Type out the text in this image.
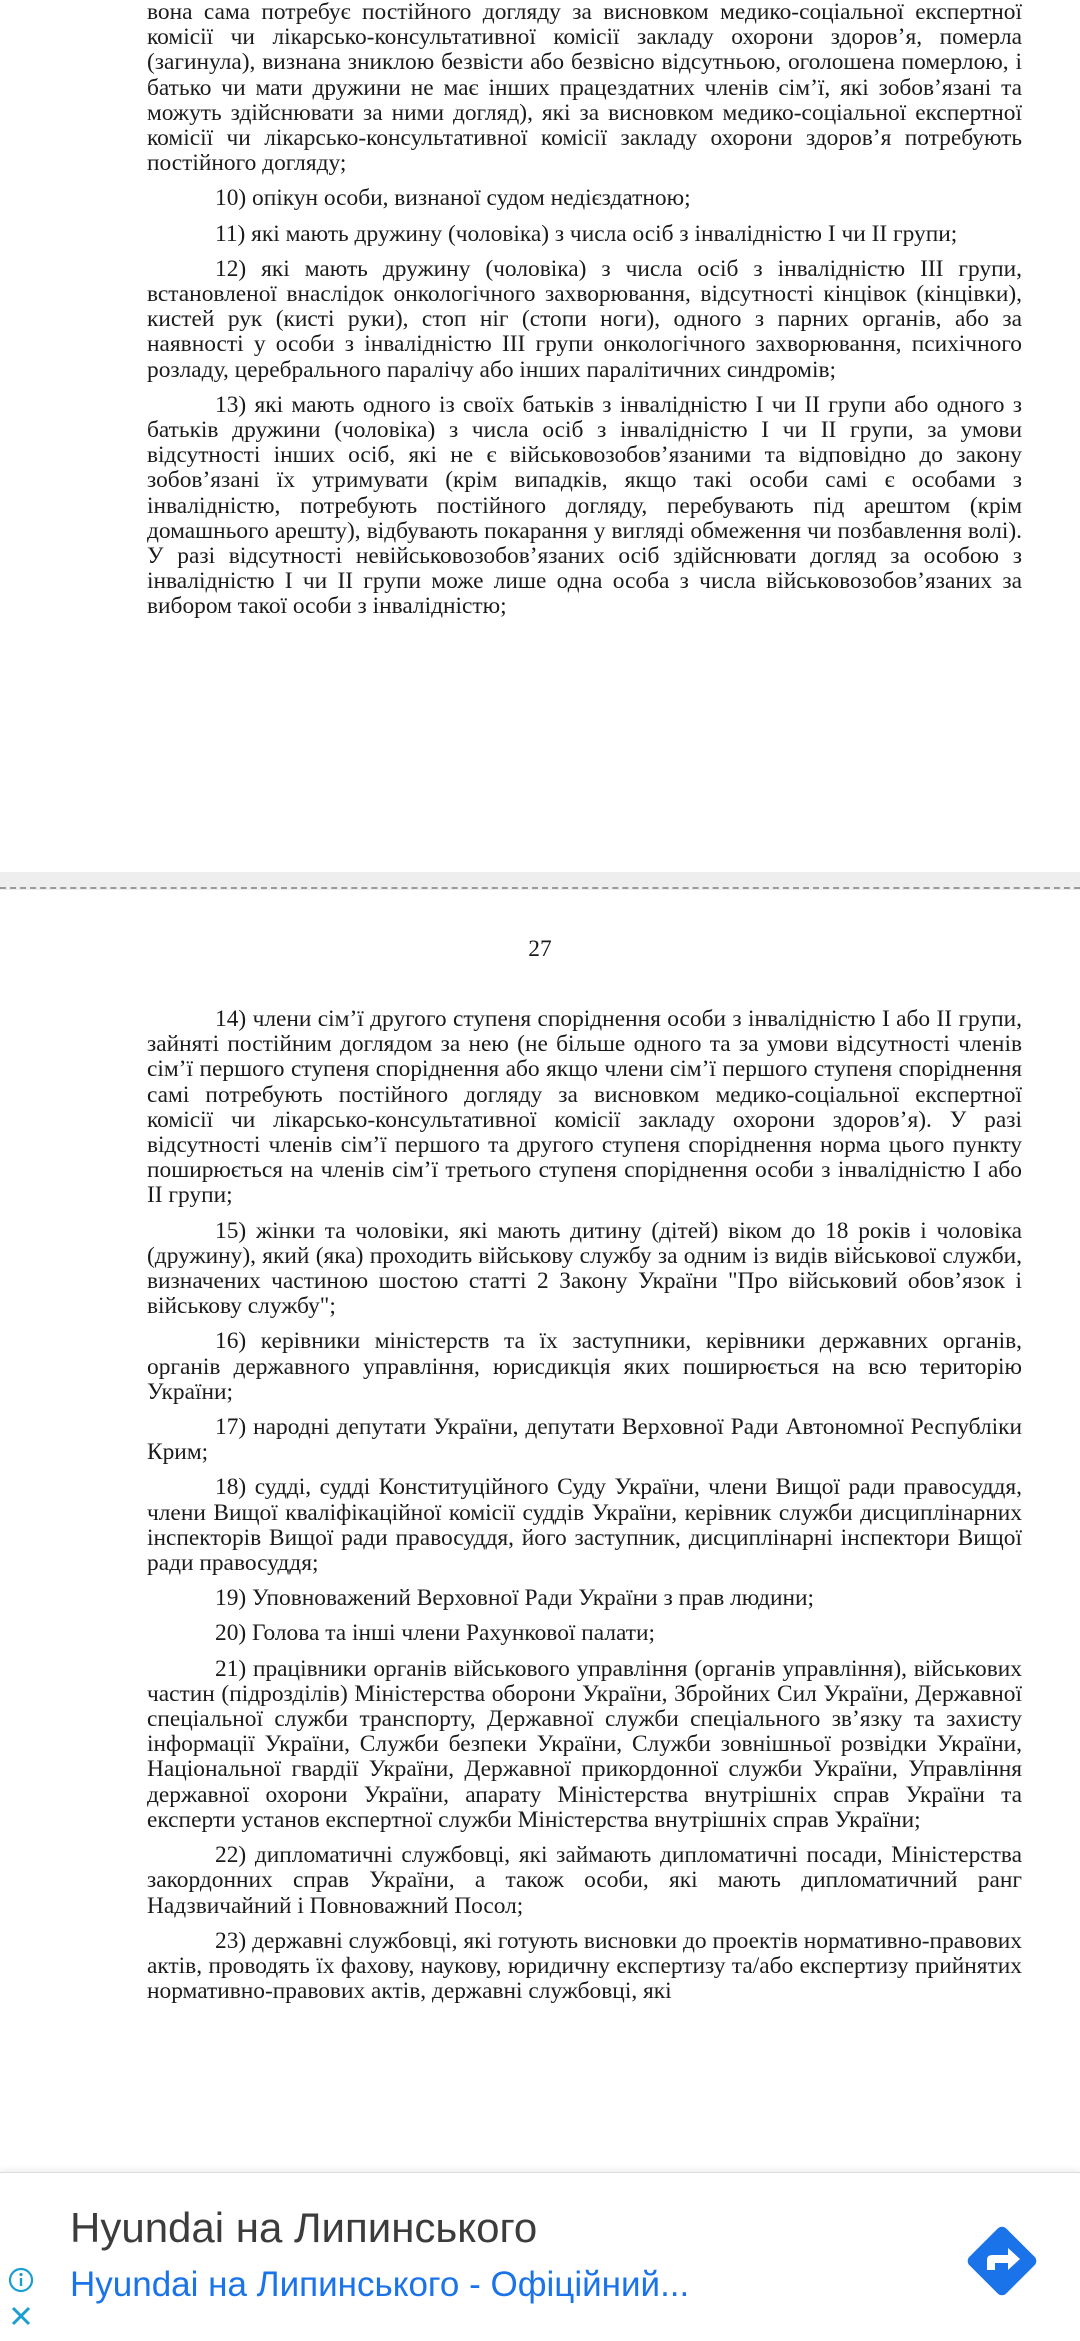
вона сама потребує постійного догляду за висновком медико-соціальної експертної комісії чи лікарсько-консультативної комісії закладу охорони здоров’я, померла (загинула), визнана зниклою безвісти або безвісно відсутньою, оголошена померлою, і батько чи мати дружини не має інших працездатних членів сім’ї, які зобов’язані та можуть здійснювати за ними догляд), які за висновком медико-соціальної експертної комісії чи лікарсько-консультативної комісії закладу охорони здоров’я потребують постійного догляду;

10) опікун особи, визнаної судом недієздатною;

11) які мають дружину (чоловіка) з числа осіб з інвалідністю I чи II групи;

12) які мають дружину (чоловіка) з числа осіб з інвалідністю III групи, встановленої внаслідок онкологічного захворювання, відсутності кінцівок (кінцівки), кистей рук (кисті руки), стоп ніг (стопи ноги), одного з парних органів, або за наявності у особи з інвалідністю III групи онкологічного захворювання, психічного розладу, церебрального паралічу або інших паралітичних синдромів;

13) які мають одного із своїх батьків з інвалідністю I чи II групи або одного з батьків дружини (чоловіка) з числа осіб з інвалідністю I чи II групи, за умови відсутності інших осіб, які не є військовозобов’язаними та відповідно до закону зобов’язані їх утримувати (крім випадків, якщо такі особи самі є особами з інвалідністю, потребують постійного догляду, перебувають під арештом (крім домашнього арешту), відбувають покарання у вигляді обмеження чи позбавлення волі). У разі відсутності невійськовозобов’язаних осіб здійснювати догляд за особою з інвалідністю I чи II групи може лише одна особа з числа військовозобов’язаних за вибором такої особи з інвалідністю;

27

14) члени сім’ї другого ступеня споріднення особи з інвалідністю I або II групи, зайняті постійним доглядом за нею (не більше одного та за умови відсутності членів сім’ї першого ступеня споріднення або якщо члени сім’ї першого ступеня споріднення самі потребують постійного догляду за висновком медико-соціальної експертної комісії чи лікарсько-консультативної комісії закладу охорони здоров’я). У разі відсутності членів сім’ї першого та другого ступеня споріднення норма цього пункту поширюється на членів сім’ї третього ступеня споріднення особи з інвалідністю I або II групи;

15) жінки та чоловіки, які мають дитину (дітей) віком до 18 років і чоловіка (дружину), який (яка) проходить військову службу за одним із видів військової служби, визначених частиною шостою статті 2 Закону України "Про військовий обов’язок і військову службу";

16) керівники міністерств та їх заступники, керівники державних органів, органів державного управління, юрисдикція яких поширюється на всю територію України;

17) народні депутати України, депутати Верховної Ради Автономної Республіки Крим;

18) судді, судді Конституційного Суду України, члени Вищої ради правосуддя, члени Вищої кваліфікаційної комісії суддів України, керівник служби дисциплінарних інспекторів Вищої ради правосуддя, його заступник, дисциплінарні інспектори Вищої ради правосуддя;

19) Уповноважений Верховної Ради України з прав людини;

20) Голова та інші члени Рахункової палати;

21) працівники органів військового управління (органів управління), військових частин (підрозділів) Міністерства оборони України, Збройних Сил України, Державної спеціальної служби транспорту, Державної служби спеціального зв’язку та захисту інформації України, Служби безпеки України, Служби зовнішньої розвідки України, Національної гвардії України, Державної прикордонної служби України, Управління державної охорони України, апарату Міністерства внутрішніх справ України та експерти установ експертної служби Міністерства внутрішніх справ України;

22) дипломатичні службовці, які займають дипломатичні посади, Міністерства закордонних справ України, а також особи, які мають дипломатичний ранг Надзвичайний і Повноважний Посол;

23) державні службовці, які готують висновки до проектів нормативно-правових актів, проводять їх фахову, наукову, юридичну експертизу та/або експертизу прийнятих нормативно-правових актів, державні службовці, які

Hyundai на Липинського
Hyundai на Липинського - Офіційний...
